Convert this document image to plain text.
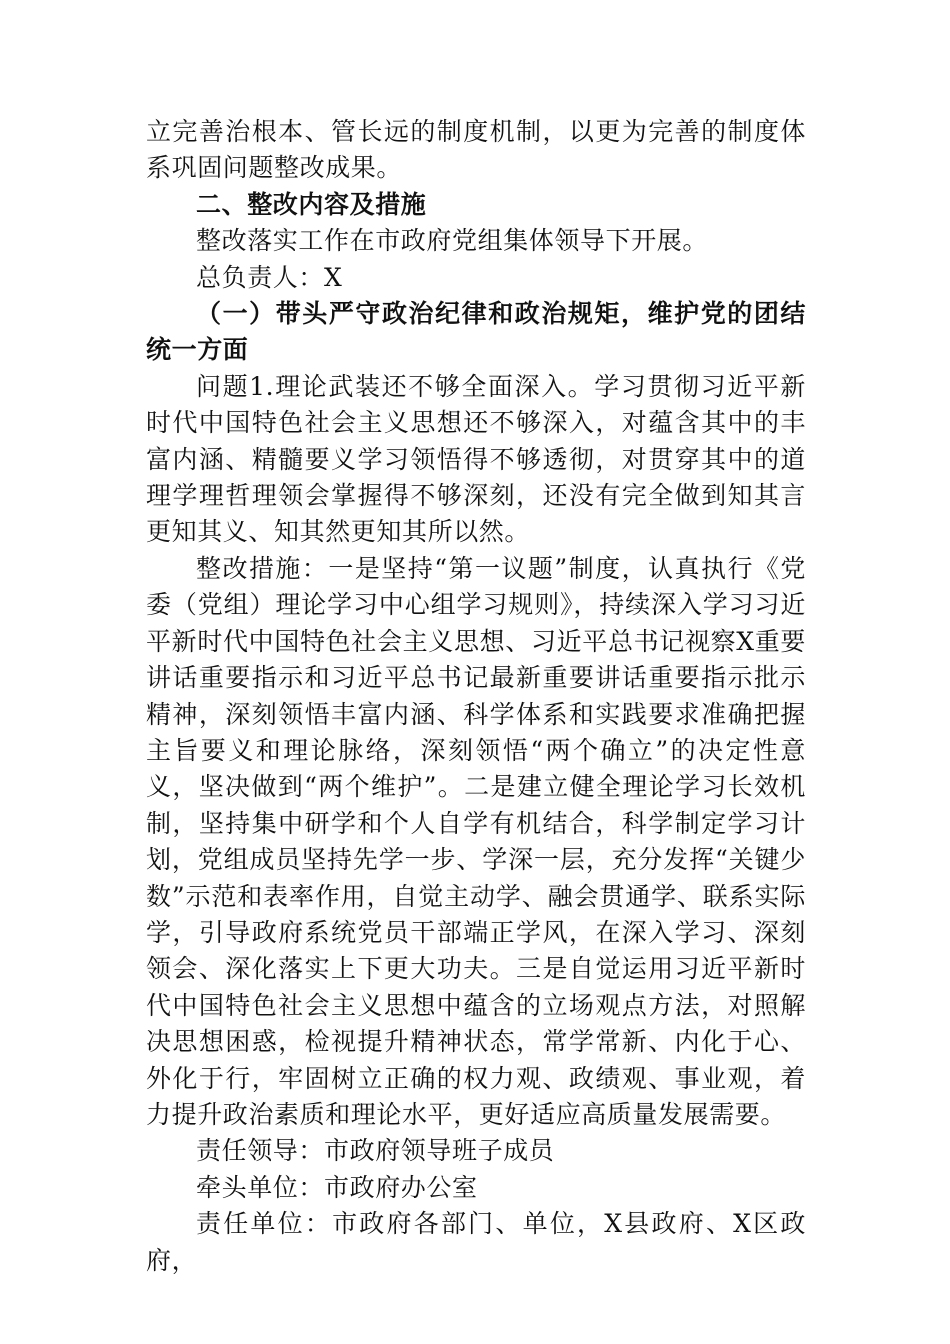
立完善治根本、管长远的制度机制，以更为完善的制度体系巩固问题整改成果。

二、整改内容及措施

整改落实工作在市政府党组集体领导下开展。

总负责人：X

（一）带头严守政治纪律和政治规矩，维护党的团结统一方面

问题1.理论武装还不够全面深入。学习贯彻习近平新时代中国特色社会主义思想还不够深入，对蕴含其中的丰富内涵、精髓要义学习领悟得不够透彻，对贯穿其中的道理学理哲理领会掌握得不够深刻，还没有完全做到知其言更知其义、知其然更知其所以然。

整改措施：一是坚持“第一议题”制度，认真执行《党委（党组）理论学习中心组学习规则》，持续深入学习习近平新时代中国特色社会主义思想、习近平总书记视察X重要讲话重要指示和习近平总书记最新重要讲话重要指示批示精神，深刻领悟丰富内涵、科学体系和实践要求准确把握主旨要义和理论脉络，深刻领悟“两个确立”的决定性意义，坚决做到“两个维护”。二是建立健全理论学习长效机制，坚持集中研学和个人自学有机结合，科学制定学习计划，党组成员坚持先学一步、学深一层，充分发挥“关键少数”示范和表率作用，自觉主动学、融会贯通学、联系实际学，引导政府系统党员干部端正学风，在深入学习、深刻领会、深化落实上下更大功夫。三是自觉运用习近平新时代中国特色社会主义思想中蕴含的立场观点方法，对照解决思想困惑，检视提升精神状态，常学常新、内化于心、外化于行，牢固树立正确的权力观、政绩观、事业观，着力提升政治素质和理论水平，更好适应高质量发展需要。

责任领导：市政府领导班子成员

牵头单位：市政府办公室

责任单位：市政府各部门、单位，X县政府、X区政府，
